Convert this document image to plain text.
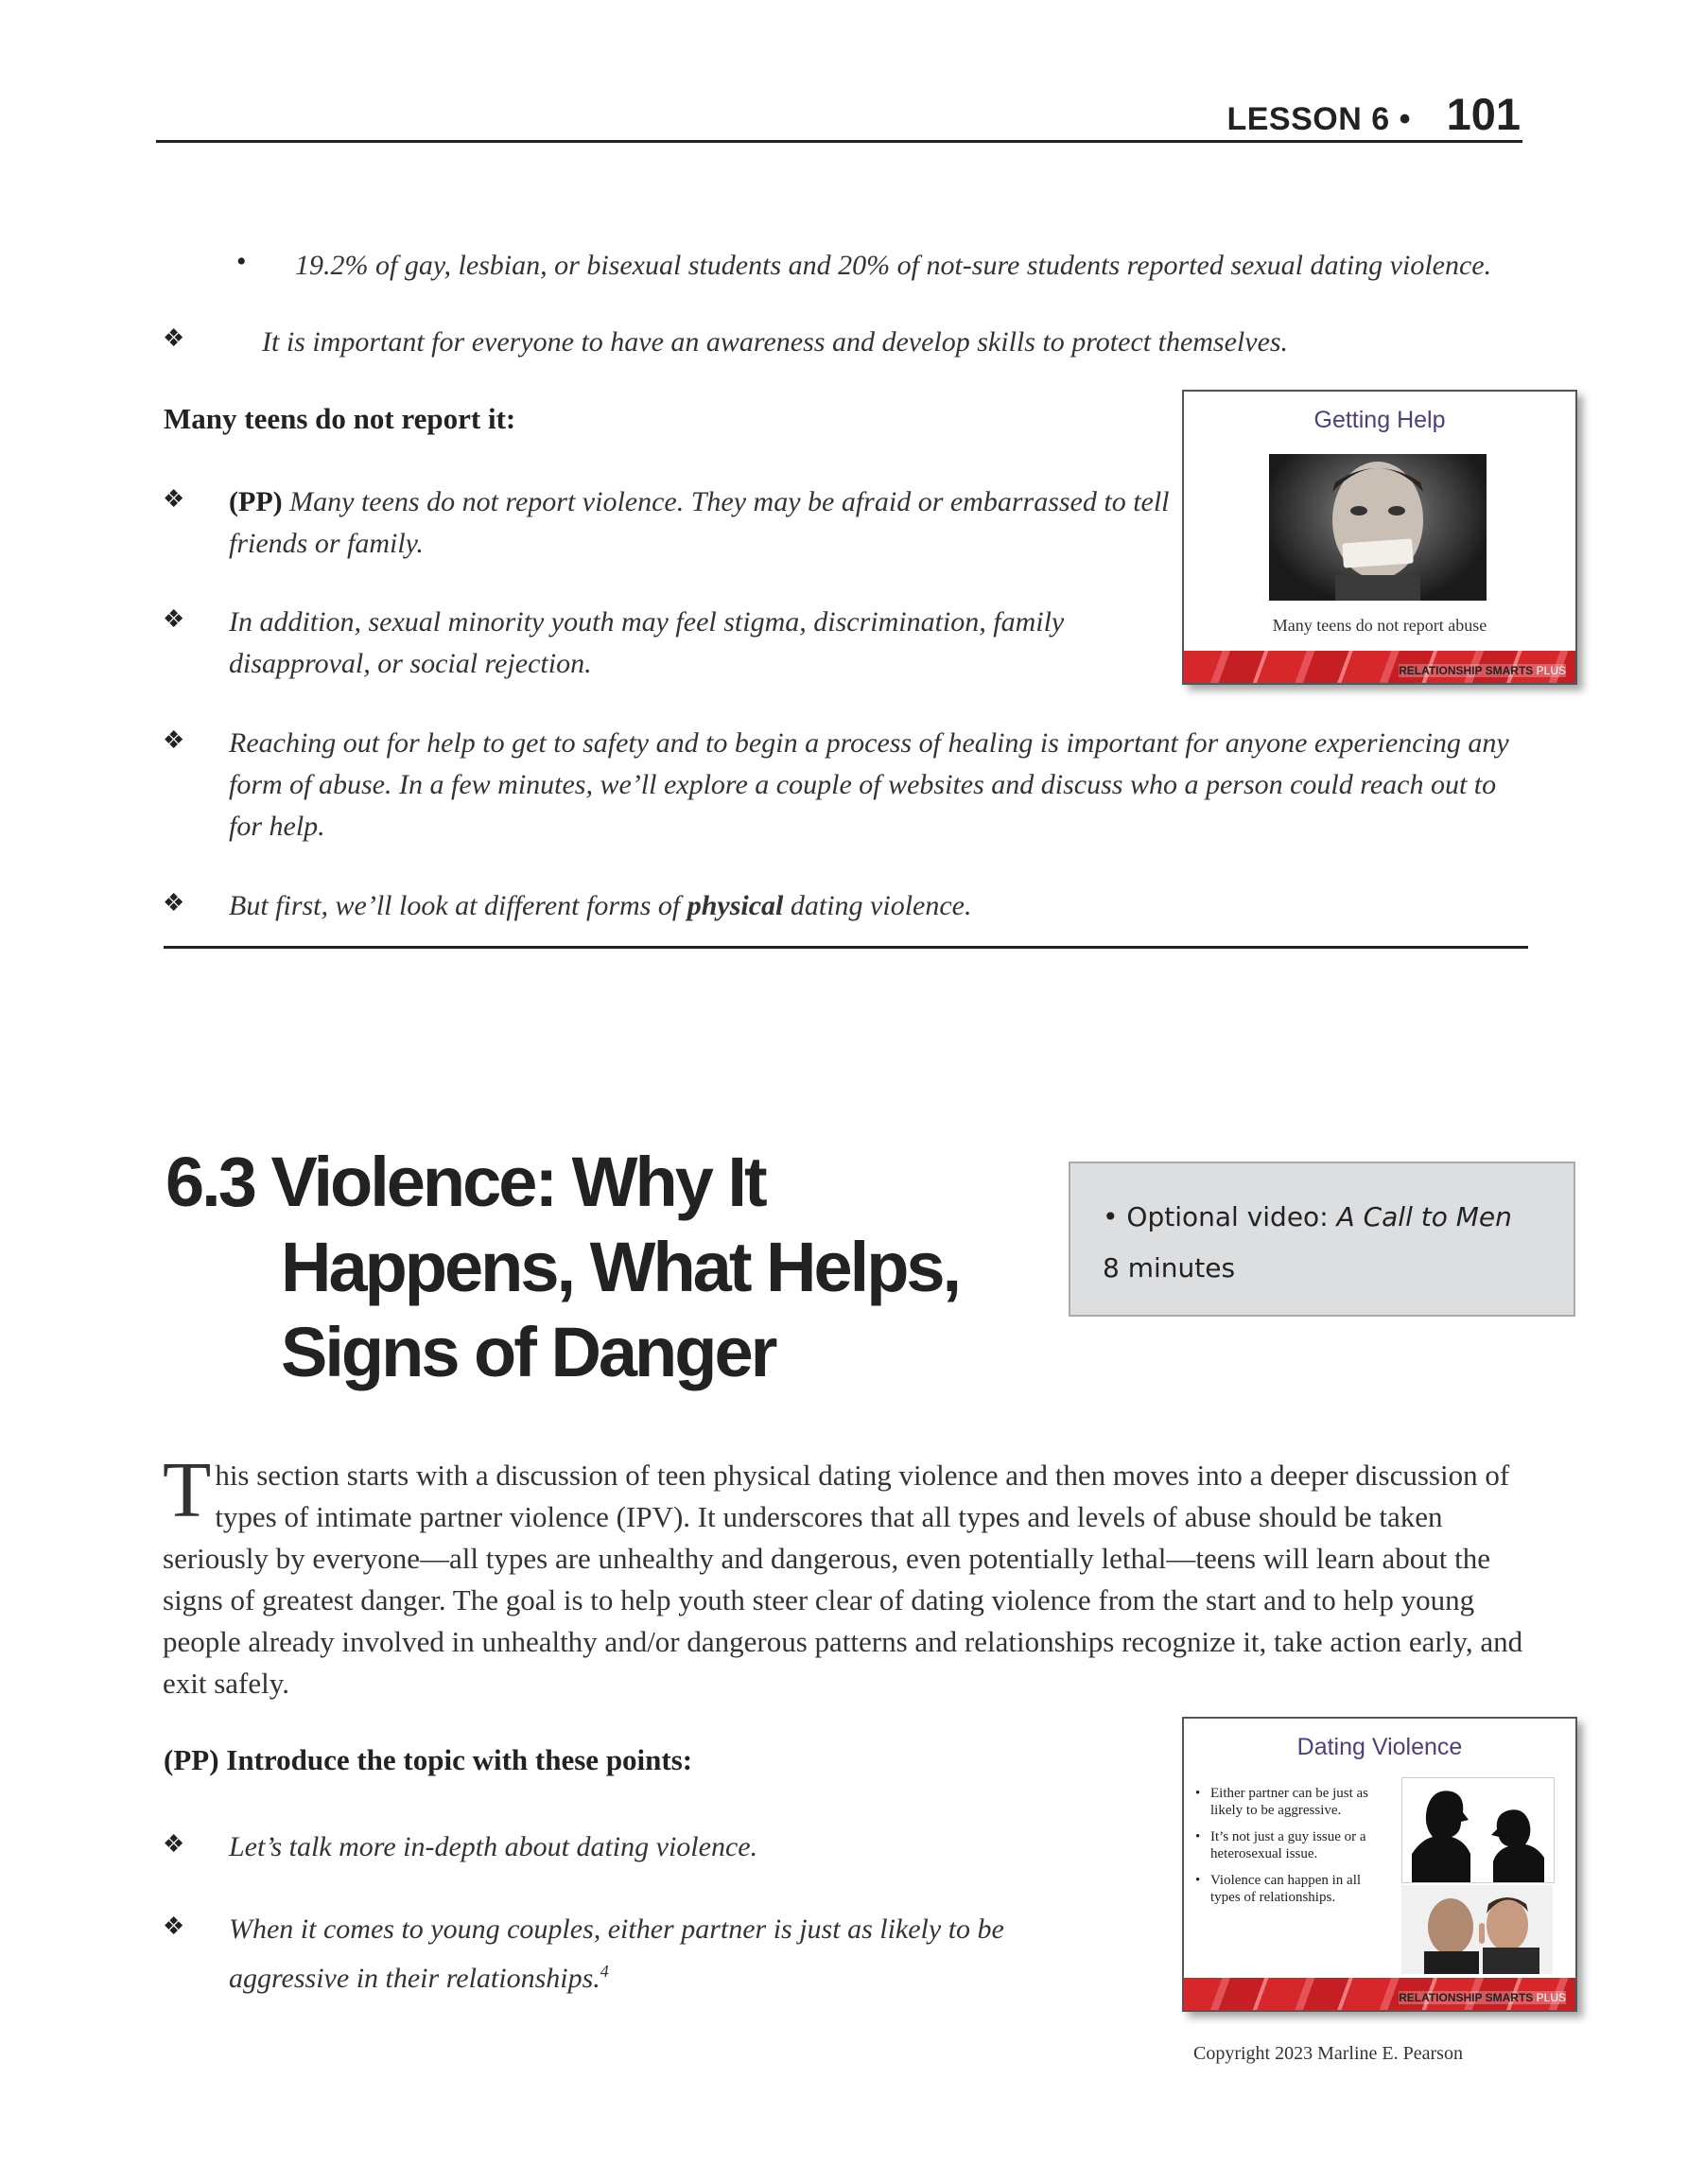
LESSON 6 • 101
• 19.2% of gay, lesbian, or bisexual students and 20% of not-sure students reported sexual dating violence.
❖	It is important for everyone to have an awareness and develop skills to protect themselves.
Many teens do not report it:
❖ (PP) Many teens do not report violence. They may be afraid or embarrassed to tell friends or family.
❖ In addition, sexual minority youth may feel stigma, discrimination, family disapproval, or social rejection.
❖ Reaching out for help to get to safety and to begin a process of healing is important for anyone experiencing any form of abuse. In a few minutes, we’ll explore a couple of websites and discuss who a person could reach out to for help.
❖ But first, we’ll look at different forms of physical dating violence.
Getting Help
Many teens do not report abuse
RELATIONSHIP SMARTS PLUS
6.3 Violence: Why It
Happens, What Helps,
Signs of Danger
• Optional video: A Call to Men
8 minutes
This section starts with a discussion of teen physical dating violence and then moves into a deeper discussion of types of intimate partner violence (IPV). It underscores that all types and levels of abuse should be taken seriously by everyone—all types are unhealthy and dangerous, even potentially lethal—teens will learn about the signs of greatest danger. The goal is to help youth steer clear of dating violence from the start and to help young people already involved in unhealthy and/or dangerous patterns and relationships recognize it, take action early, and exit safely.
(PP) Introduce the topic with these points:
❖ Let’s talk more in-depth about dating violence.
❖ When it comes to young couples, either partner is just as likely to be aggressive in their relationships.$^4$
Dating Violence
• Either partner can be just as likely to be aggressive.
• It’s not just a guy issue or a heterosexual issue.
• Violence can happen in all types of relationships.
RELATIONSHIP SMARTS PLUS
Copyright 2023 Marline E. Pearson
